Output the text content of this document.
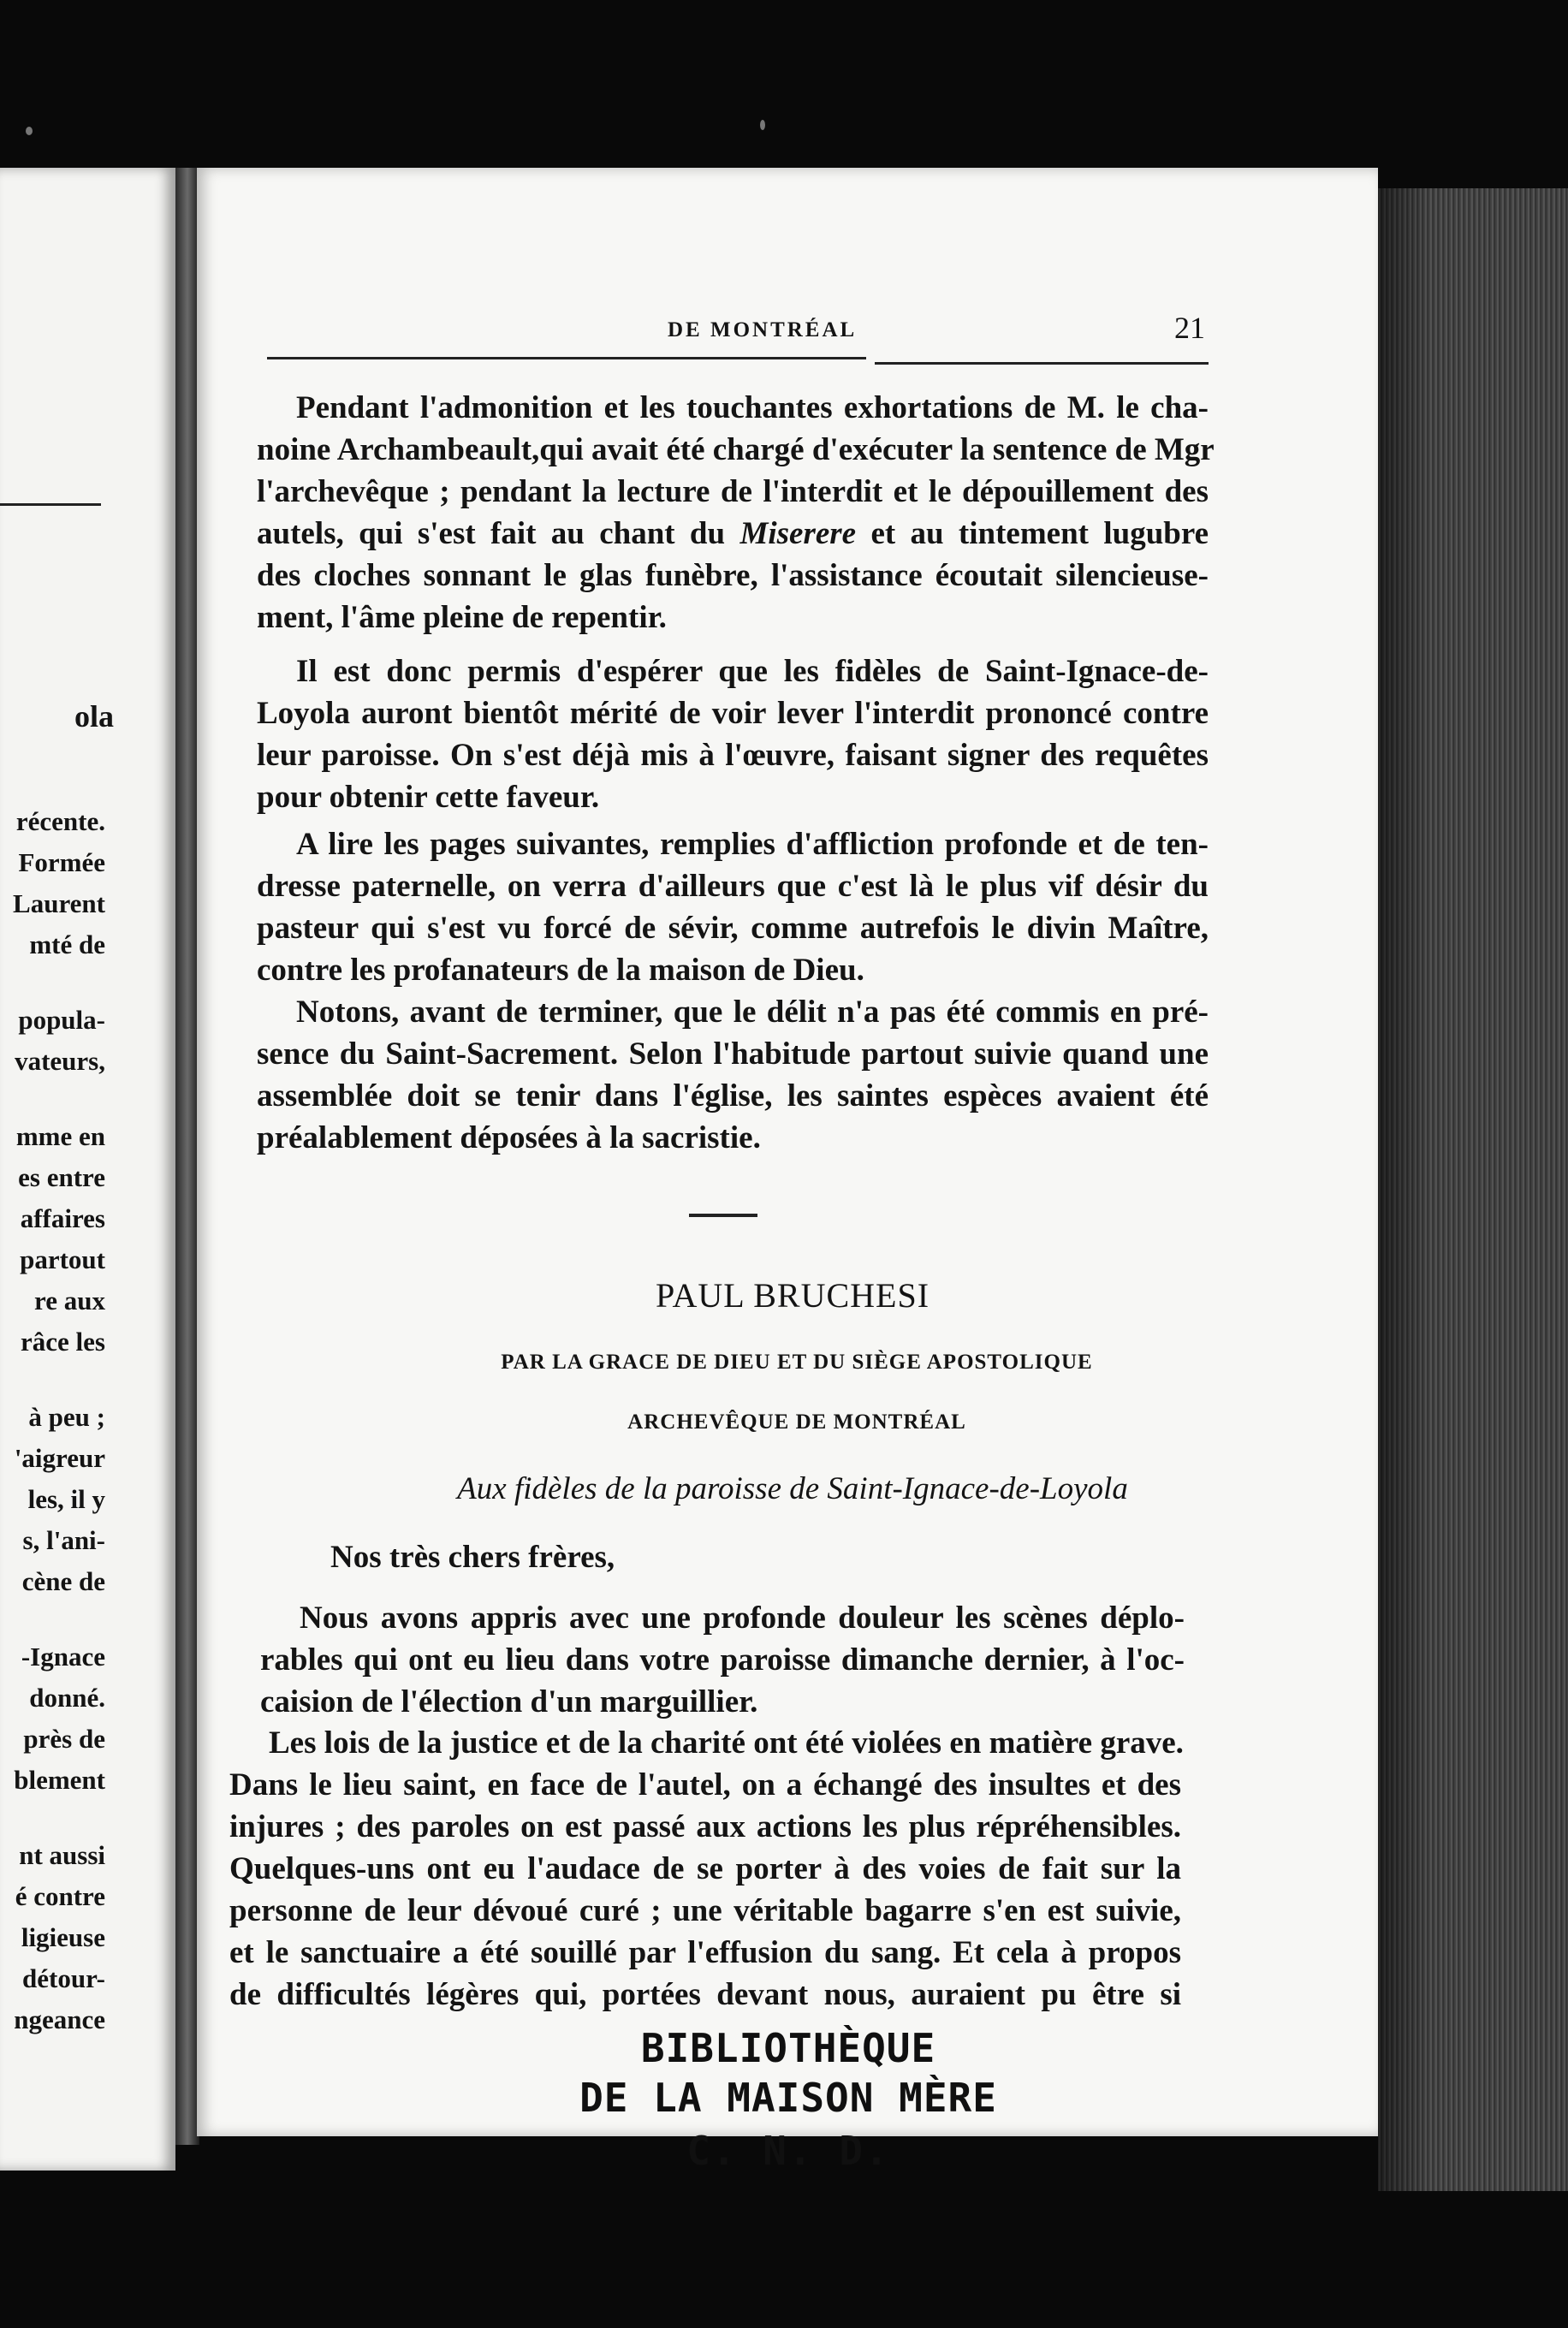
ola
récente.
Formée
Laurent
mté de
popula-
vateurs,
mme en
es entre
affaires
partout
re aux
râce les
à peu ;
'aigreur
les, il y
s, l'ani-
cène de
-Ignace
donné.
près de
blement
nt aussi
é contre
ligieuse
détour-
ngeance
DE MONTRÉAL	21
Pendant l'admonition et les touchantes exhortations de M. le cha-
noine Archambeault,qui avait été chargé d'exécuter la sentence de Mgr
l'archevêque ; pendant la lecture de l'interdit et le dépouillement des
autels, qui s'est fait au chant du Miserere et au tintement lugubre
des cloches sonnant le glas funèbre, l'assistance écoutait silencieuse-
ment, l'âme pleine de repentir.
Il est donc permis d'espérer que les fidèles de Saint-Ignace-de-
Loyola auront bientôt mérité de voir lever l'interdit prononcé contre
leur paroisse. On s'est déjà mis à l'œuvre, faisant signer des requêtes
pour obtenir cette faveur.
A lire les pages suivantes, remplies d'affliction profonde et de ten-
dresse paternelle, on verra d'ailleurs que c'est là le plus vif désir du
pasteur qui s'est vu forcé de sévir, comme autrefois le divin Maître,
contre les profanateurs de la maison de Dieu.
Notons, avant de terminer, que le délit n'a pas été commis en pré-
sence du Saint-Sacrement. Selon l'habitude partout suivie quand une
assemblée doit se tenir dans l'église, les saintes espèces avaient été
préalablement déposées à la sacristie.
PAUL BRUCHESI
PAR LA GRACE DE DIEU ET DU SIÈGE APOSTOLIQUE
ARCHEVÊQUE DE MONTRÉAL
Aux fidèles de la paroisse de Saint-Ignace-de-Loyola
Nos très chers frères,
Nous avons appris avec une profonde douleur les scènes déplo-
rables qui ont eu lieu dans votre paroisse dimanche dernier, à l'oc-
caision de l'élection d'un marguillier.
Les lois de la justice et de la charité ont été violées en matière grave.
Dans le lieu saint, en face de l'autel, on a échangé des insultes et des
injures ; des paroles on est passé aux actions les plus répréhensibles.
Quelques-uns ont eu l'audace de se porter à des voies de fait sur la
personne de leur dévoué curé ; une véritable bagarre s'en est suivie,
et le sanctuaire a été souillé par l'effusion du sang. Et cela à propos
de difficultés légères qui, portées devant nous, auraient pu être si
BIBLIOTHÈQUE
DE LA MAISON MÈRE
C. N. D.
